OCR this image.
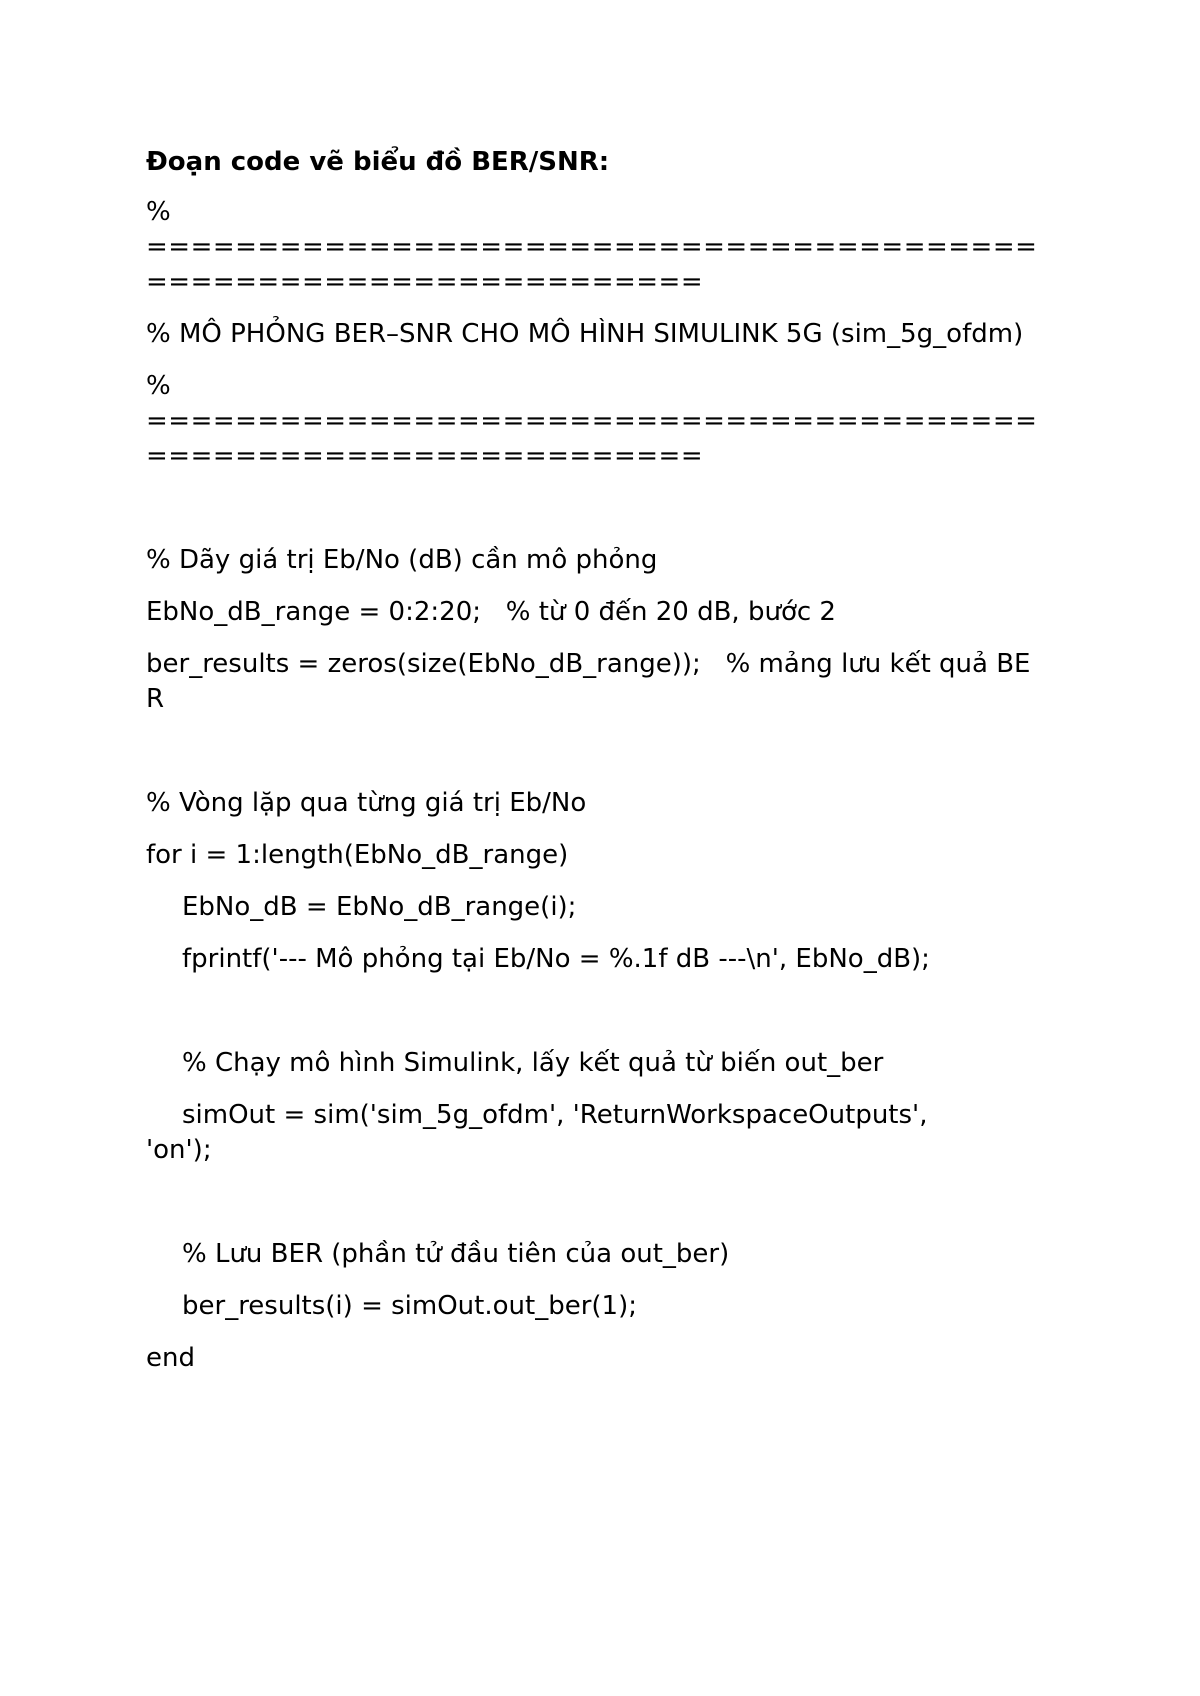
Đoạn code vẽ biểu đồ BER/SNR:
%
=================================================================
% MÔ PHỎNG BER–SNR CHO MÔ HÌNH SIMULINK 5G (sim_5g_ofdm)
%
=================================================================
% Dãy giá trị Eb/No (dB) cần mô phỏng
EbNo_dB_range = 0:2:20;   % từ 0 đến 20 dB, bước 2
ber_results = zeros(size(EbNo_dB_range));   % mảng lưu kết quả BER
% Vòng lặp qua từng giá trị Eb/No
for i = 1:length(EbNo_dB_range)
EbNo_dB = EbNo_dB_range(i);
fprintf('--- Mô phỏng tại Eb/No = %.1f dB ---\n', EbNo_dB);
% Chạy mô hình Simulink, lấy kết quả từ biến out_ber
simOut = sim('sim_5g_ofdm', 'ReturnWorkspaceOutputs',
'on');
% Lưu BER (phần tử đầu tiên của out_ber)
ber_results(i) = simOut.out_ber(1);
end
